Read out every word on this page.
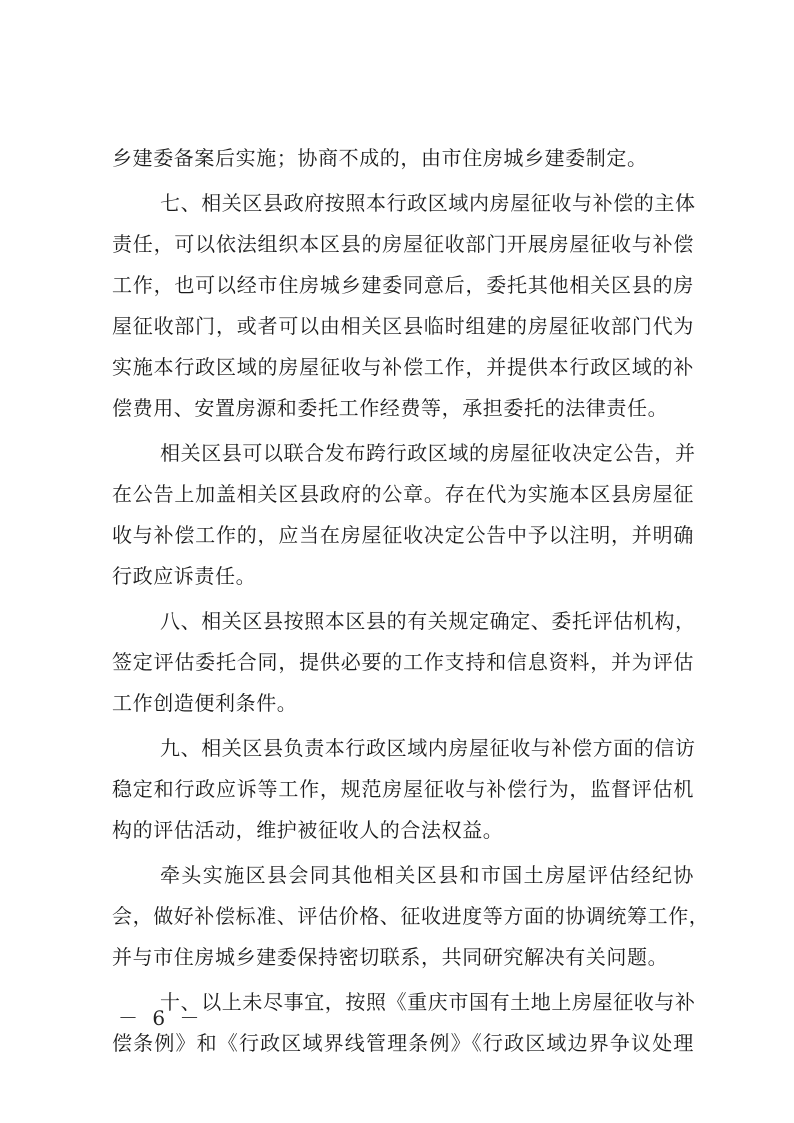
乡建委备案后实施；协商不成的，由市住房城乡建委制定。
七、相关区县政府按照本行政区域内房屋征收与补偿的主体
责任，可以依法组织本区县的房屋征收部门开展房屋征收与补偿
工作，也可以经市住房城乡建委同意后，委托其他相关区县的房
屋征收部门，或者可以由相关区县临时组建的房屋征收部门代为
实施本行政区域的房屋征收与补偿工作，并提供本行政区域的补
偿费用、安置房源和委托工作经费等，承担委托的法律责任。
相关区县可以联合发布跨行政区域的房屋征收决定公告，并
在公告上加盖相关区县政府的公章。存在代为实施本区县房屋征
收与补偿工作的，应当在房屋征收决定公告中予以注明，并明确
行政应诉责任。
八、相关区县按照本区县的有关规定确定、委托评估机构，
签定评估委托合同，提供必要的工作支持和信息资料，并为评估
工作创造便利条件。
九、相关区县负责本行政区域内房屋征收与补偿方面的信访
稳定和行政应诉等工作，规范房屋征收与补偿行为，监督评估机
构的评估活动，维护被征收人的合法权益。
牵头实施区县会同其他相关区县和市国土房屋评估经纪协
会，做好补偿标准、评估价格、征收进度等方面的协调统筹工作，
并与市住房城乡建委保持密切联系，共同研究解决有关问题。
十、以上未尽事宜，按照《重庆市国有土地上房屋征收与补
偿条例》和《行政区域界线管理条例》《行政区域边界争议处理
－ 6 －
